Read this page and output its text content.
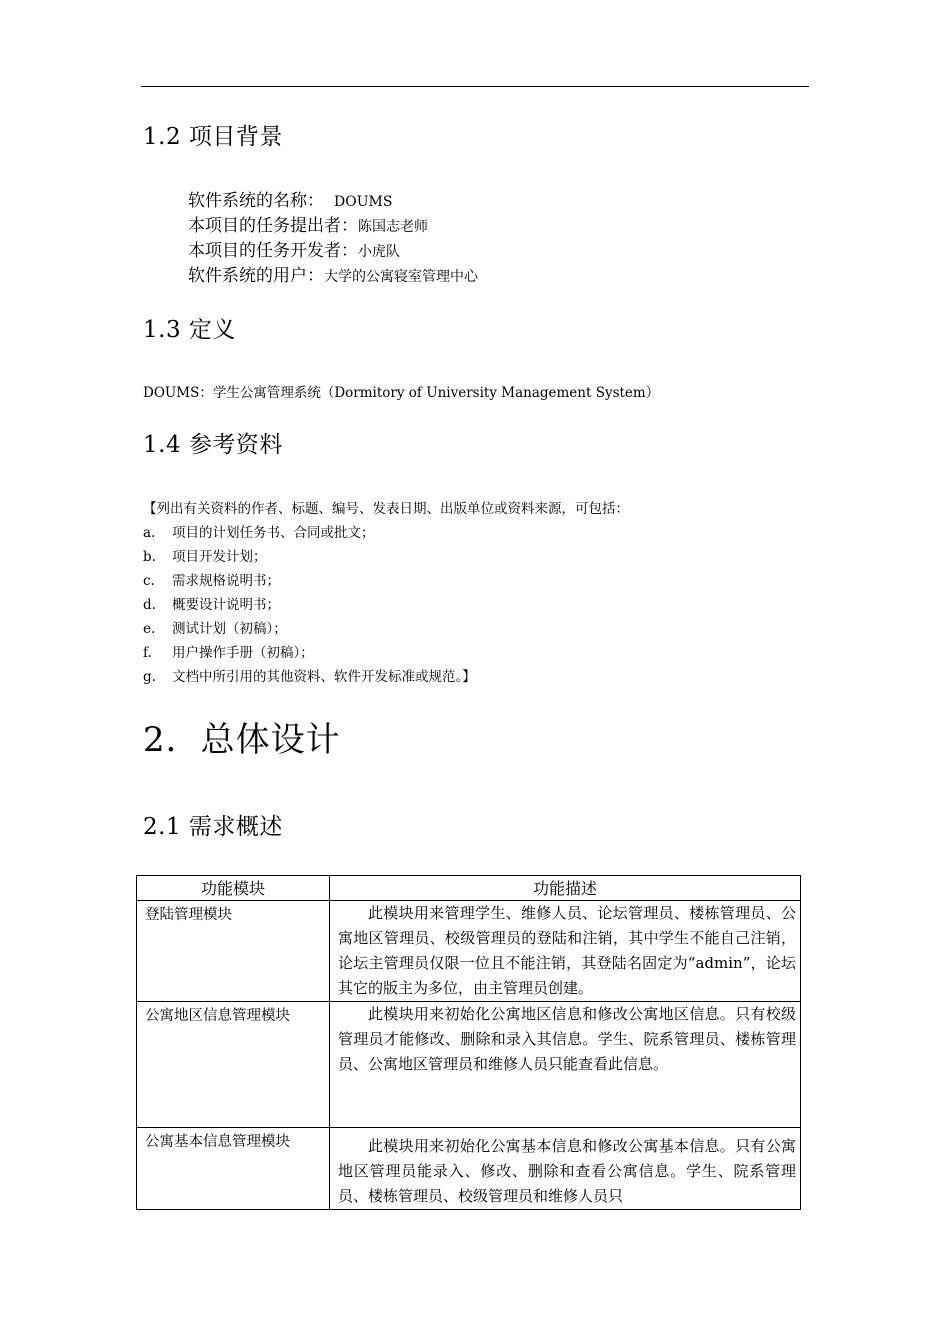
1.2 项目背景
软件系统的名称： DOUMS
本项目的任务提出者：陈国志老师
本项目的任务开发者：小虎队
软件系统的用户：大学的公寓寝室管理中心
1.3 定义
DOUMS：学生公寓管理系统（Dormitory of University Management System）
1.4 参考资料
【列出有关资料的作者、标题、编号、发表日期、出版单位或资料来源，可包括：
a. 项目的计划任务书、合同或批文；
b. 项目开发计划；
c. 需求规格说明书；
d. 概要设计说明书；
e. 测试计划（初稿）；
f. 用户操作手册（初稿）；
g. 文档中所引用的其他资料、软件开发标准或规范。】
2．总体设计
2.1 需求概述
功能模块	功能描述
登陆管理模块	此模块用来管理学生、维修人员、论坛管理员、楼栋管理员、公寓地区管理员、校级管理员的登陆和注销，其中学生不能自己注销，论坛主管理员仅限一位且不能注销，其登陆名固定为“admin”，论坛其它的版主为多位，由主管理员创建。

公寓地区信息管理模块	此模块用来初始化公寓地区信息和修改公寓地区信息。只有校级管理员才能修改、删除和录入其信息。学生、院系管理员、楼栋管理员、公寓地区管理员和维修人员只能查看此信息。

公寓基本信息管理模块	此模块用来初始化公寓基本信息和修改公寓基本信息。只有公寓地区管理员能录入、修改、删除和查看公寓信息。学生、院系管理员、楼栋管理员、校级管理员和维修人员只
